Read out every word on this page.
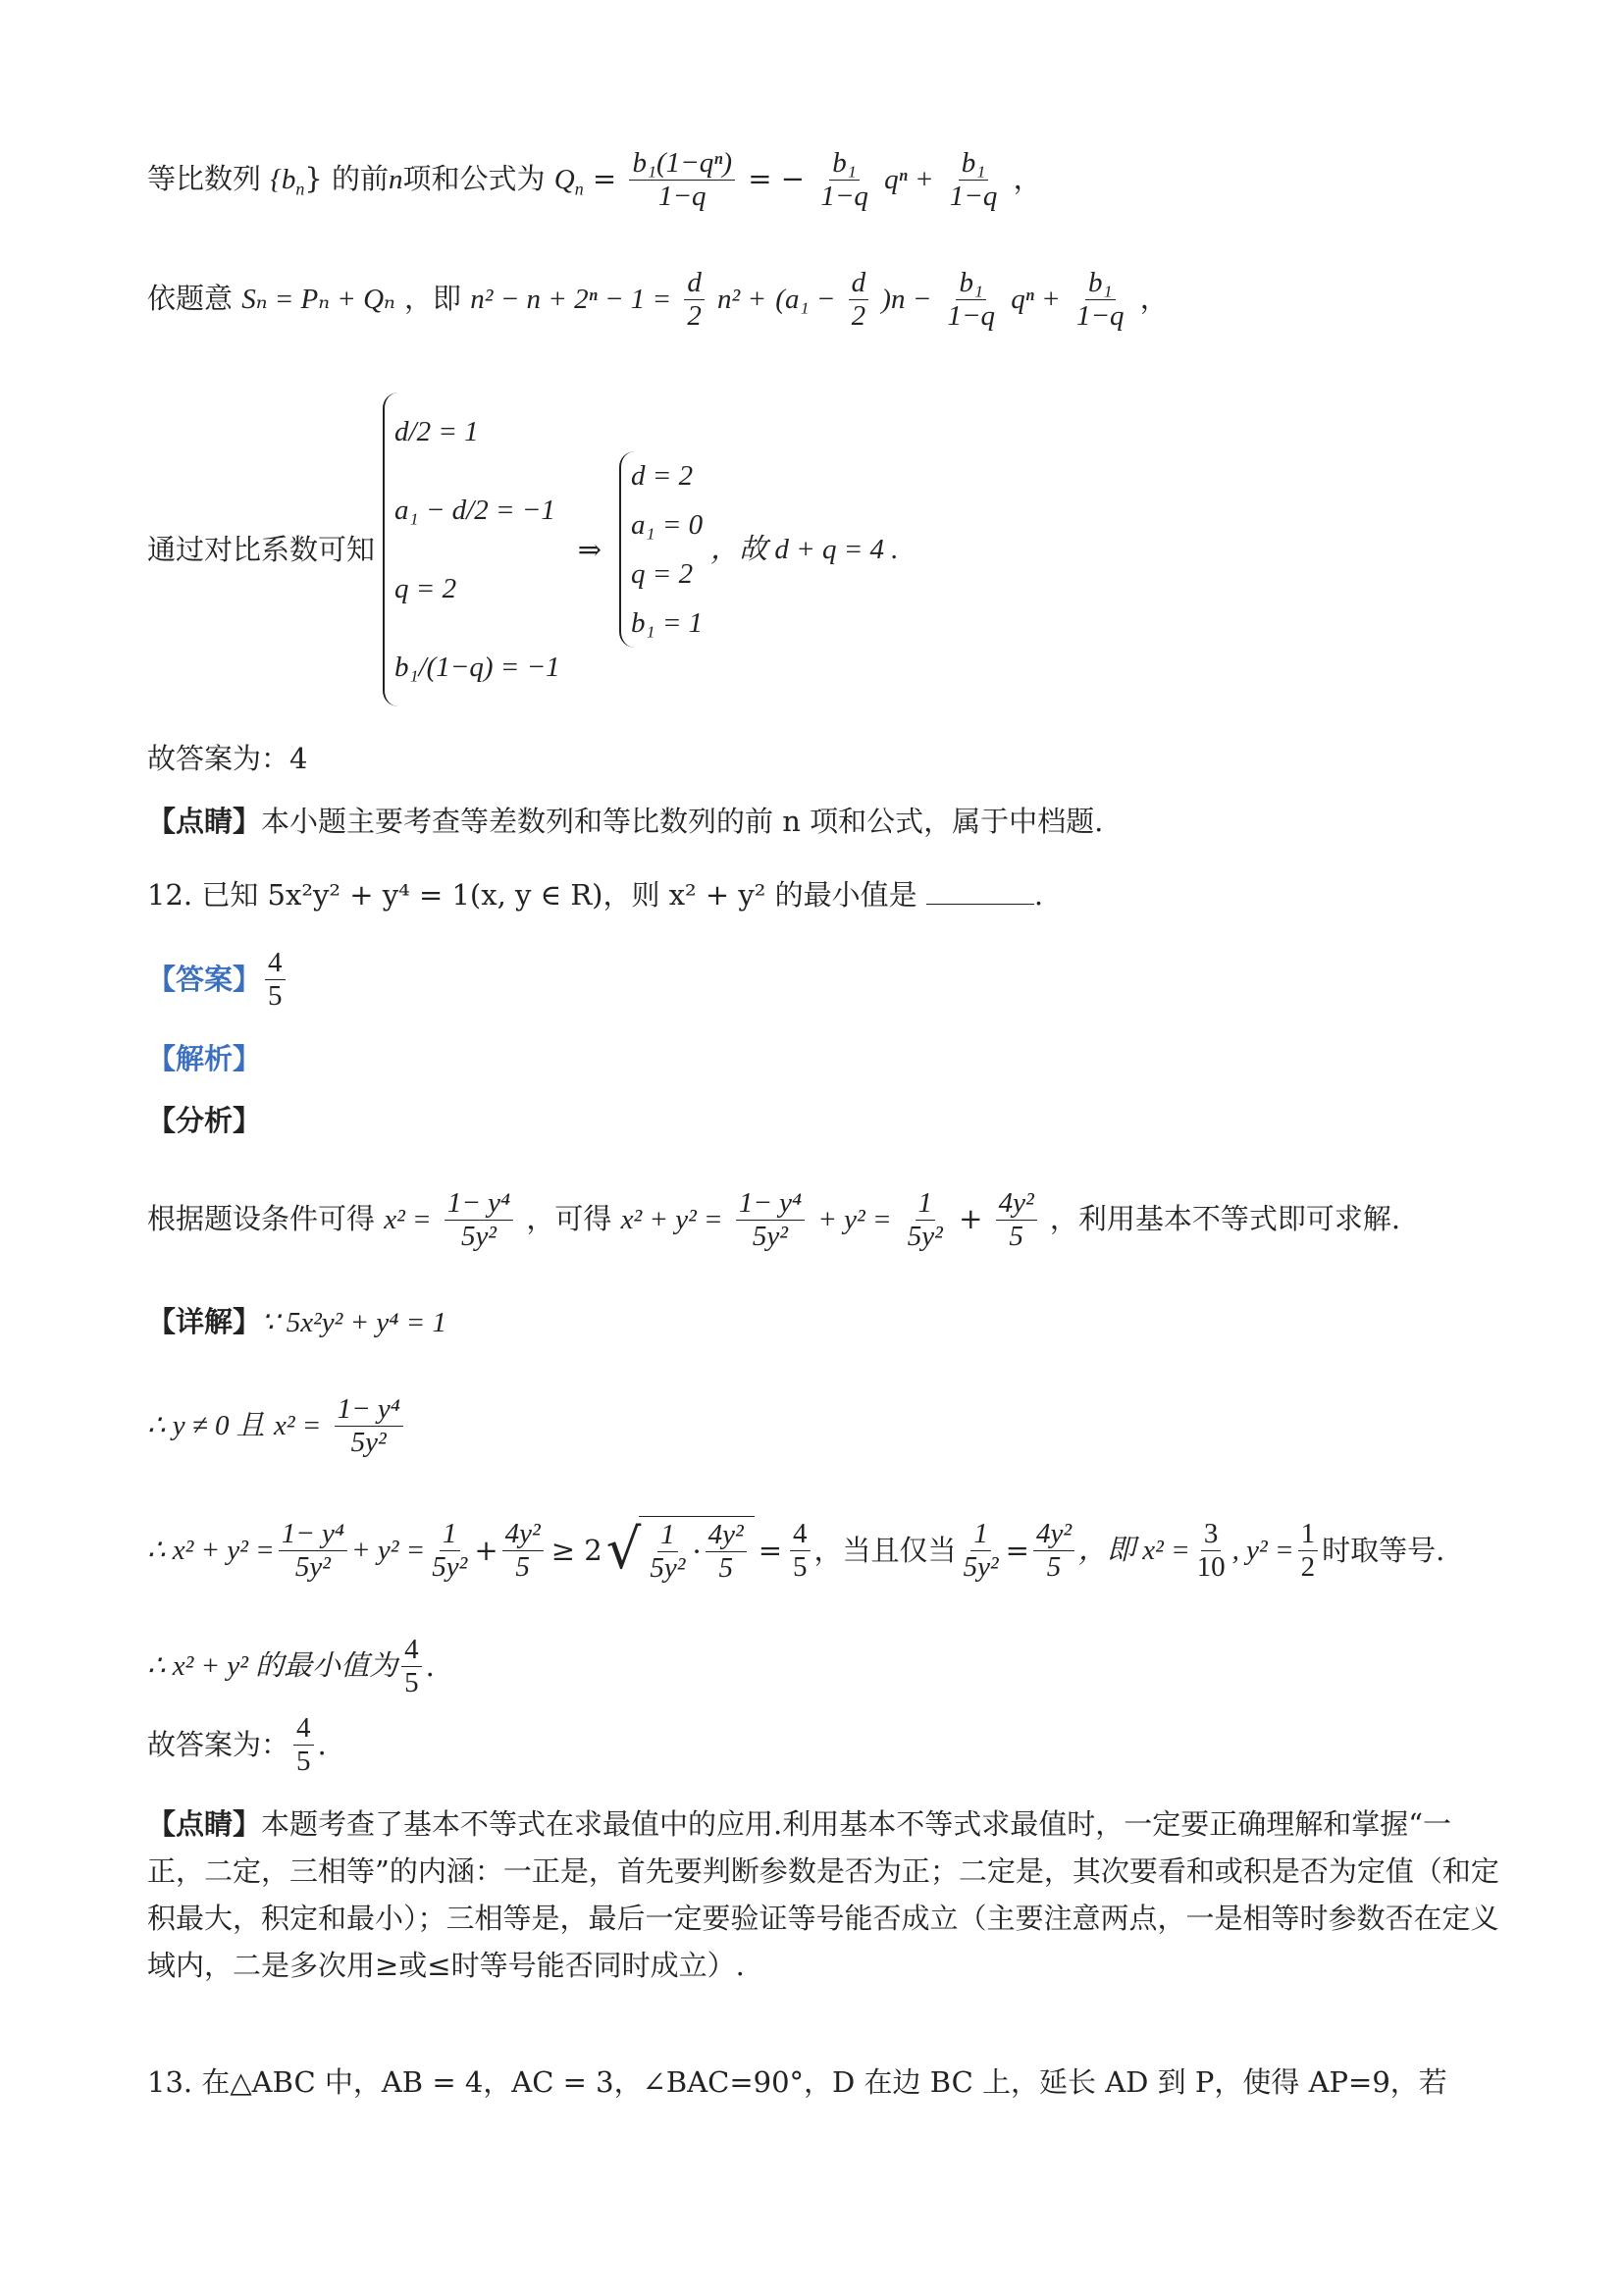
等比数列 $\{b_n\}$ 的前n项和公式为 $Q_n = \frac{\text{b₁(1−qⁿ)}}{1-q}$ = − $\frac{\text{b₁}}{1-q}$ $q^n + \frac{\text{b₁}}{1-q}$ ，
依题意 Sₙ = Pₙ + Qₙ ，即 $n^2 - n + 2^n - 1 = \frac{d}{2} n^2 + (a_1 - \frac{d}{2} )n - \frac{\text{b₁}}{1-q}$ $q^n + \frac{\text{b₁}}{1-q}$ ，
通过对比系数可知
d/2 = 1
a₁ − d/2 = −1
q = 2
b₁/(1−q) = −1
⇒
d = 2
a₁ = 0
q = 2
b₁ = 1
，故 d + q = 4 .
故答案为：4
【点睛】本小题主要考查等差数列和等比数列的前 n 项和公式，属于中档题.
12. 已知 5x²y² + y⁴ = 1(x, y ∈ R)，则 x² + y² 的最小值是	.
【答案】 $\frac{4}{5}$
【解析】
【分析】
根据题设条件可得 $x^2 = \frac{\text{1− y⁴}}{\text{5y²}}$ ，可得 $x^2 + y^2 = \frac{\text{1− y⁴}}{\text{5y²}} + y^2 = \frac{1}{\text{5y²}} + \frac{\text{4y²}}{5}$ ，利用基本不等式即可求解.
【详解】∵ 5x²y² + y⁴ = 1
∴ y ≠ 0 且 $x^2 = \frac{\text{1− y⁴}}{\text{5y²}}$
∴ $x^2 + y^2 = \frac{\text{1− y⁴}}{\text{5y²}} + y^2 = \frac{1}{\text{5y²}} + \frac{\text{4y²}}{5} \ge 2$ √ $\frac{1}{\text{5y²}} \cdot \frac{\text{4y²}}{5} = \frac{4}{5}$ ，当且仅当 $\frac{1}{\text{5y²}} = \frac{\text{4y²}}{5}$ ，即 $x^2 = \frac{3}{10}$ , $y^2 = \frac{1}{2}$ 时取等号.
∴ x² + y² 的最小值为 $\frac{4}{5}$ .
故答案为： $\frac{4}{5}$ .
【点睛】本题考查了基本不等式在求最值中的应用.利用基本不等式求最值时，一定要正确理解和掌握“一正，二定，三相等”的内涵：一正是，首先要判断参数是否为正；二定是，其次要看和或积是否为定值（和定积最大，积定和最小）；三相等是，最后一定要验证等号能否成立（主要注意两点，一是相等时参数否在定义域内，二是多次用≥或≤时等号能否同时成立）.
13. 在△ABC 中，AB = 4，AC = 3，∠BAC=90°，D 在边 BC 上，延长 AD 到 P，使得 AP=9，若
